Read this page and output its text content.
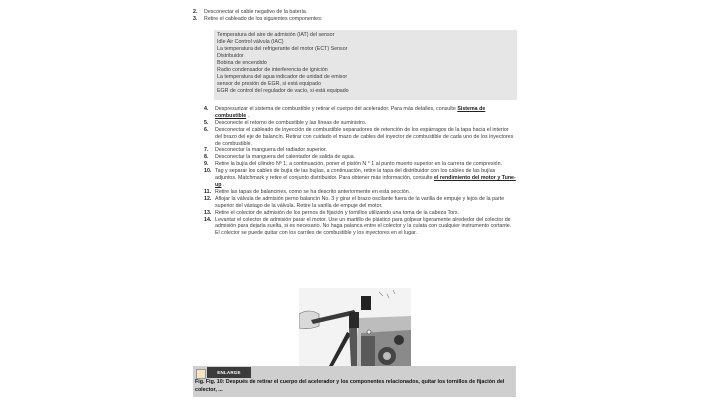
2. Desconectar el cable negativo de la batería.
3. Retire el cableado de los siguientes componentes:
Temperatura del aire de admisión (IAT) del sensor
Idle Air Control válvula (IAC)
La temperatura del refrigerante del motor (ECT) Sensor
Distribuidor
Bobina de encendido
Radio condensador de interferencia de ignición
La temperatura del agua indicador de unidad de emisor
sensor de presión de EGR, si está equipado
EGR de control del regulador de vacío, si está equipado
4. Despresurizar el sistema de combustible y retirar el cuerpo del acelerador. Para más detalles, consulte Sistema de combustible .
5. Desconecte el retorno de combustible y las líneas de suministro.
6. Desconectar el cableado de inyección de combustible separadores de retención de los espárragos de la tapa hacia el interior del brazo del eje de balancín. Retirar con cuidado el mazo de cables del inyector de combustible de cada uno de los inyectores de combustible.
7. Desconectar la manguera del radiador superior.
8. Desconectar la manguera del calentador de salida de agua.
9. Retire la bujía del cilindro Nº 1, a continuación, poner el pistón N ° 1 al punto muerto superior en la carrera de compresión.
10. Tag y separar los cables de bujía de las bujías, a continuación, retire la tapa del distribuidor con los cables de las bujías adjuntos. Matchmark y retire el conjunto distribuidor. Para obtener más información, consulte el rendimiento del motor y Tune-up .
11. Retire las tapas de balancines, como se ha descrito anteriormente en esta sección.
12. Aflojar la válvula de admisión perno balancín No. 3 y girar el brazo oscilante fuera de la varilla de empuje y lejos de la parte superior del vástago de la válvula. Retire la varilla de empuje del motor.
13. Retire el colector de admisión de los pernos de fijación y tornillos utilizando una toma de la cabeza Torx.
14. Levantar el colector de admisión parar el motor. Use un martillo de plástico para golpear ligeramente alrededor del colector de admisión para dejarla suelta, si es necesario. No haga palanca entre el colector y la culata con cualquier instrumento cortante. El colector se puede quitar con los carriles de combustible y los inyectores en el lugar.
ENLARGE
Fig. Fig. 10: Después de retirar el cuerpo del acelerador y los componentes relacionados, quitar los tornillos de fijación del colector, ...
